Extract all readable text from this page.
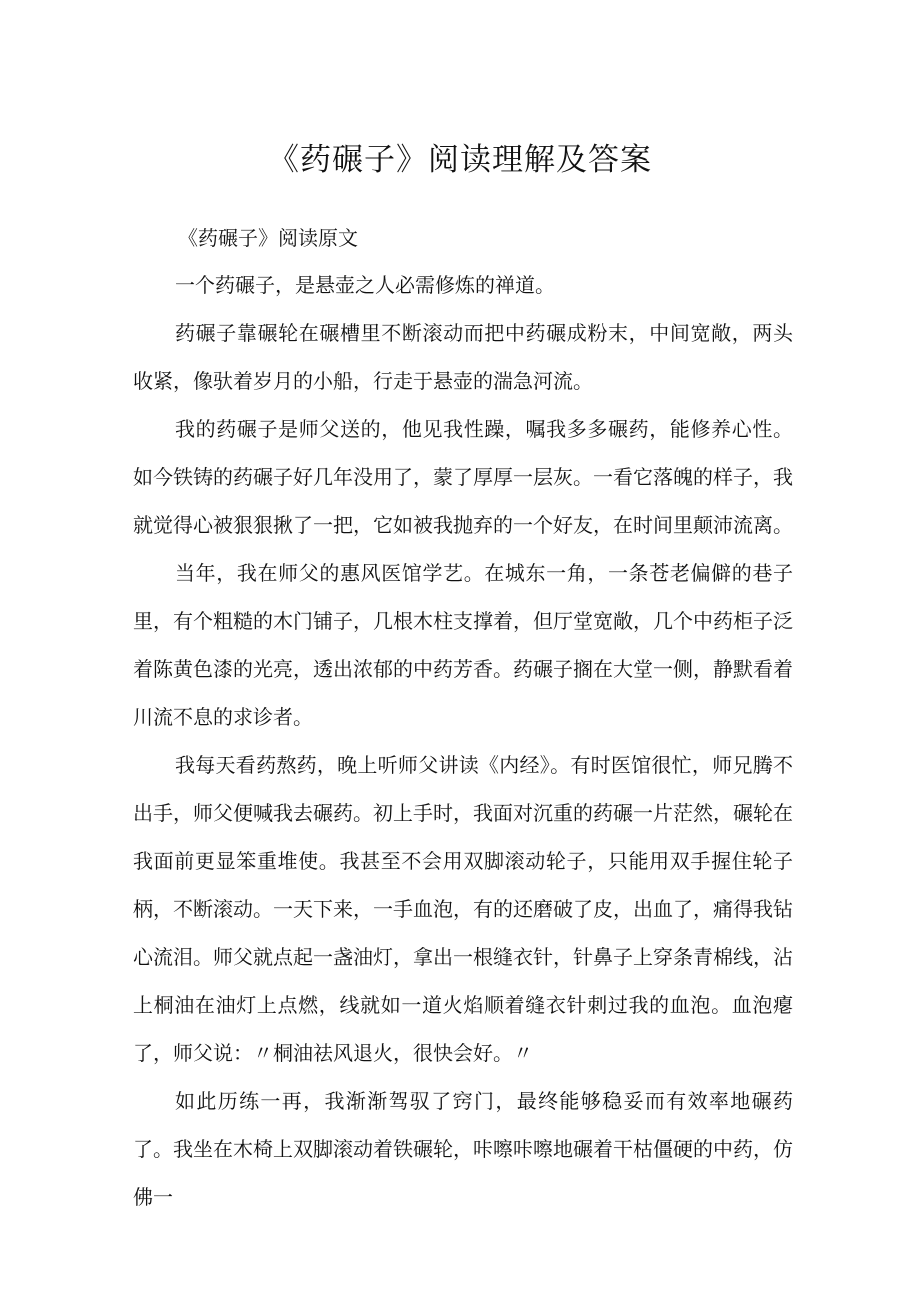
《药碾子》阅读理解及答案

《药碾子》阅读原文

一个药碾子，是悬壶之人必需修炼的禅道。

药碾子靠碾轮在碾槽里不断滚动而把中药碾成粉末，中间宽敞，两头收紧，像驮着岁月的小船，行走于悬壶的湍急河流。

我的药碾子是师父送的，他见我性躁，嘱我多多碾药，能修养心性。如今铁铸的药碾子好几年没用了，蒙了厚厚一层灰。一看它落魄的样子，我就觉得心被狠狠揪了一把，它如被我抛弃的一个好友，在时间里颠沛流离。

当年，我在师父的惠风医馆学艺。在城东一角，一条苍老偏僻的巷子里，有个粗糙的木门铺子，几根木柱支撑着，但厅堂宽敞，几个中药柜子泛着陈黄色漆的光亮，透出浓郁的中药芳香。药碾子搁在大堂一侧，静默看着川流不息的求诊者。

我每天看药熬药，晚上听师父讲读《内经》。有时医馆很忙，师兄腾不出手，师父便喊我去碾药。初上手时，我面对沉重的药碾一片茫然，碾轮在我面前更显笨重堆使。我甚至不会用双脚滚动轮子，只能用双手握住轮子柄，不断滚动。一天下来，一手血泡，有的还磨破了皮，出血了，痛得我钻心流泪。师父就点起一盏油灯，拿出一根缝衣针，针鼻子上穿条青棉线，沾上桐油在油灯上点燃，线就如一道火焰顺着缝衣针刺过我的血泡。血泡瘪了，师父说：〃桐油祛风退火，很快会好。〃

如此历练一再，我渐渐驾驭了窍门，最终能够稳妥而有效率地碾药了。我坐在木椅上双脚滚动着铁碾轮，咔嚓咔嚓地碾着干枯僵硬的中药，仿佛一
